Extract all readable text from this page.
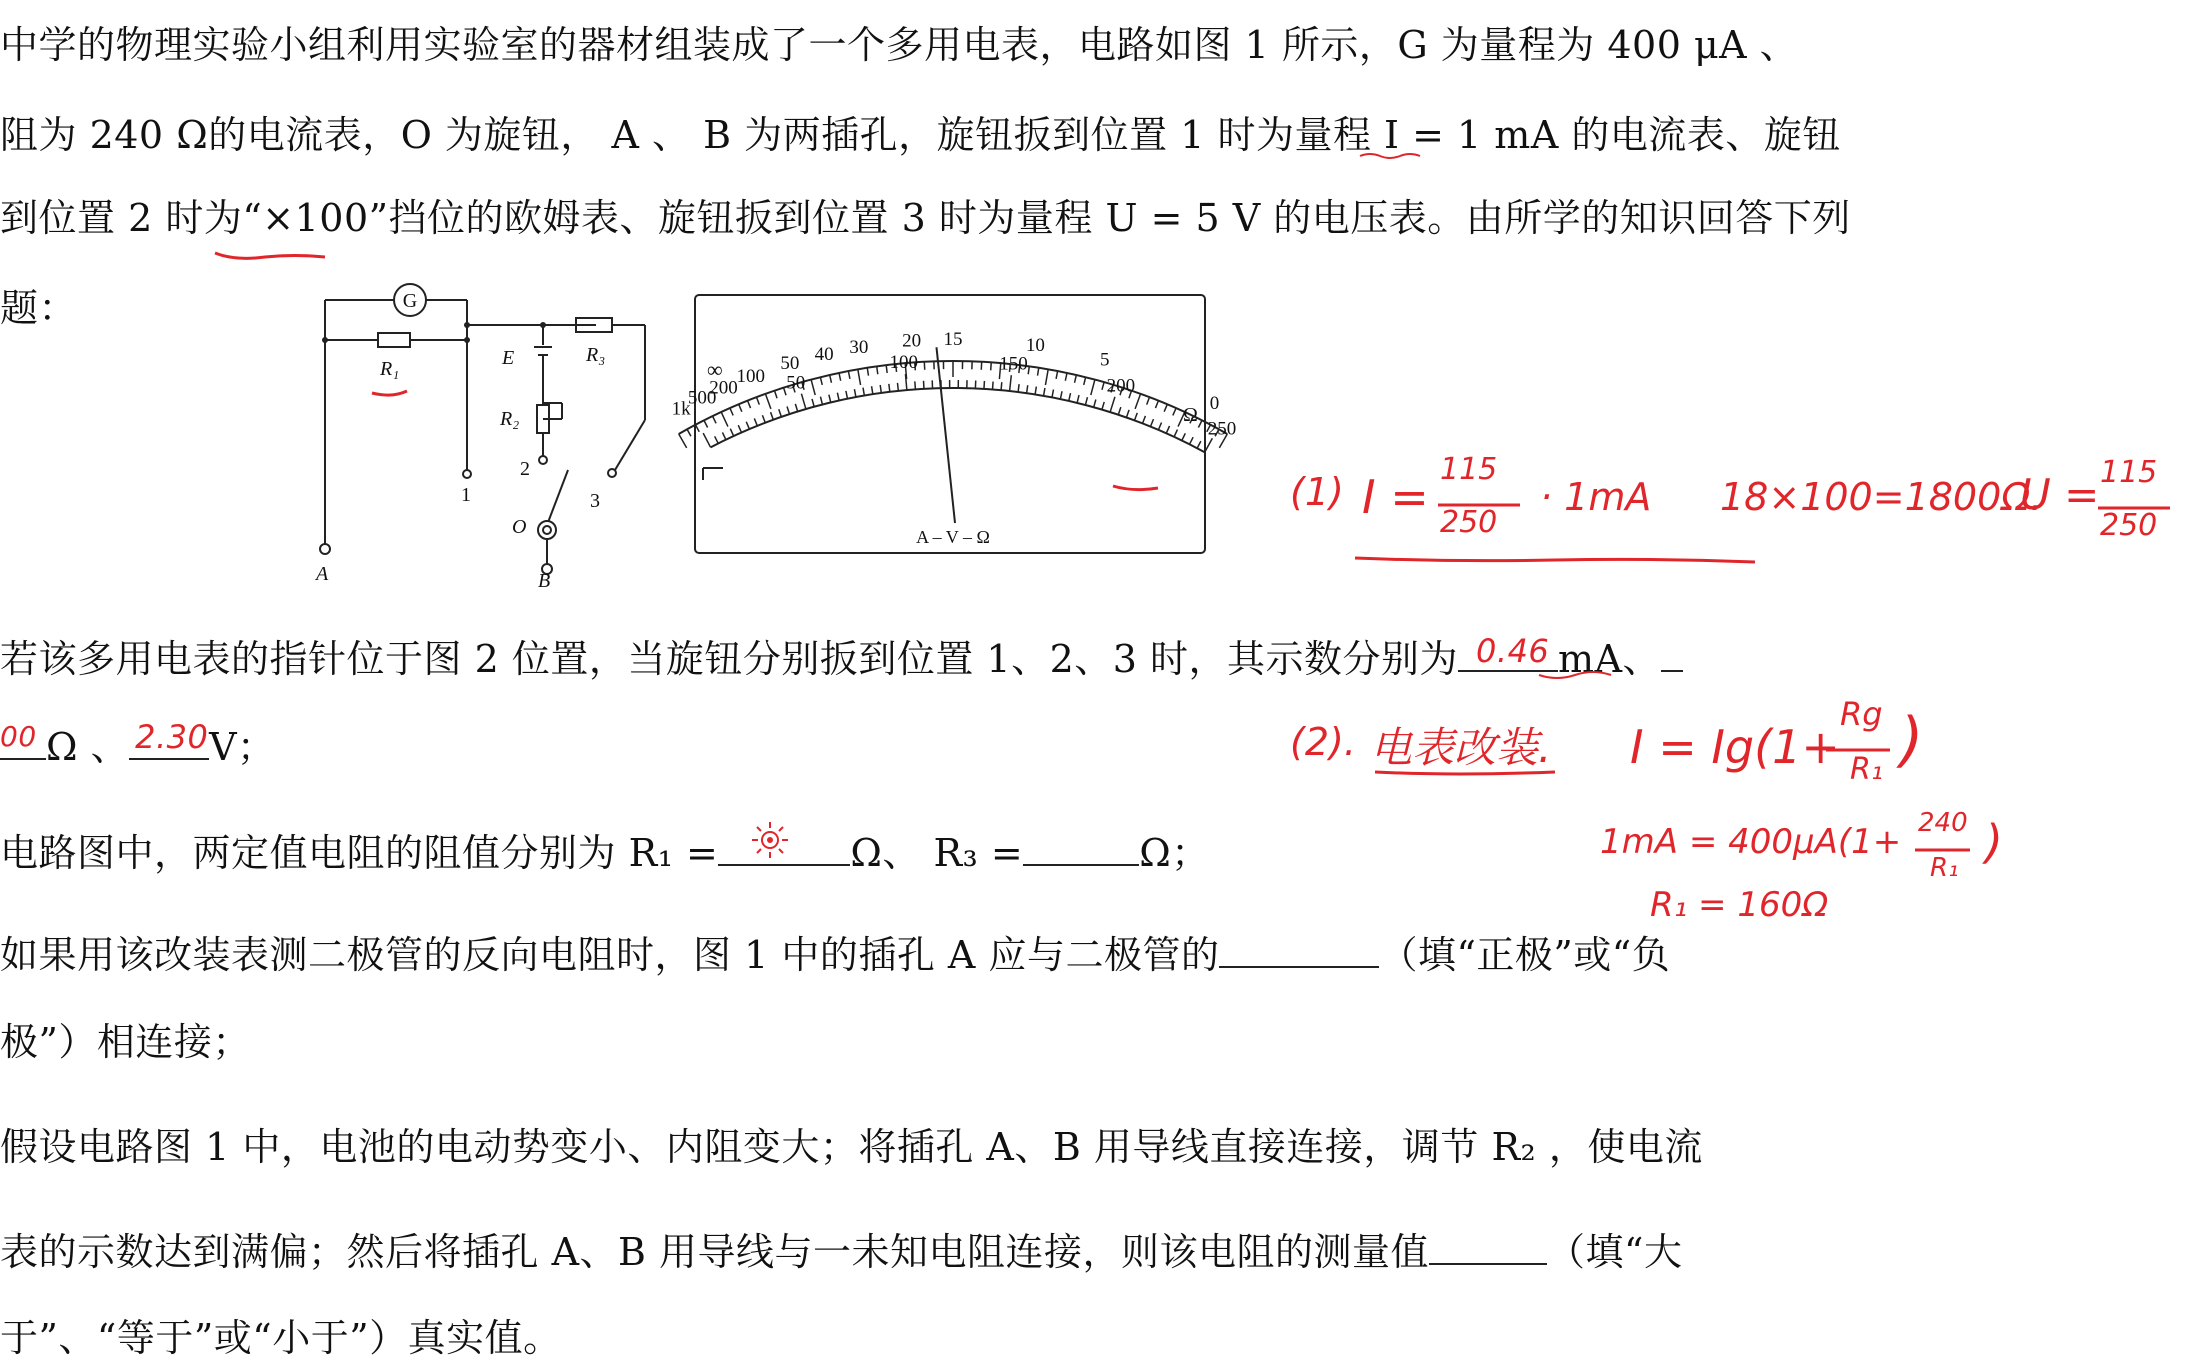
中学的物理实验小组利用实验室的器材组装成了一个多用电表，电路如图 1 所示，G 为量程为 400 μA 、
阻为 240 Ω的电流表，O 为旋钮， A 、 B 为两插孔，旋钮扳到位置 1 时为量程 I = 1 mA 的电流表、旋钮
到位置 2 时为“×100”挡位的欧姆表、旋钮扳到位置 3 时为量程 U = 5 V 的电压表。由所学的知识回答下列
题：	G
R₁	E	R₃
R₂
1
2
3
O
A	B
1k
500
200
100
50 40 30 20 15	10
5
0
50
100	150
200
250
A – V – Ω
Ω
∞
(1) I =
115
250
· 1mA 18×100=1800Ω.
U = 115
250
(2). 电表改装. I = Ig(1+
Rg
R₁ )
1mA = 400μA(1+ 240
R₁ )
R₁ = 160Ω
若该多用电表的指针位于图 2 位置，当旋钮分别扳到位置 1、2、3 时，其示数分别为 0.46 mA、
00 Ω 、 2.30 V；
电路图中，两定值电阻的阻值分别为 R₁ =	Ω、 R₃ =	Ω；
如果用该改装表测二极管的反向电阻时，图 1 中的插孔 A 应与二极管的	（填“正极”或“负
极”）相连接；
假设电路图 1 中，电池的电动势变小、内阻变大；将插孔 A、B 用导线直接连接，调节 R₂ ，使电流
表的示数达到满偏；然后将插孔 A、B 用导线与一未知电阻连接，则该电阻的测量值	（填“大
于”、“等于”或“小于”）真实值。
